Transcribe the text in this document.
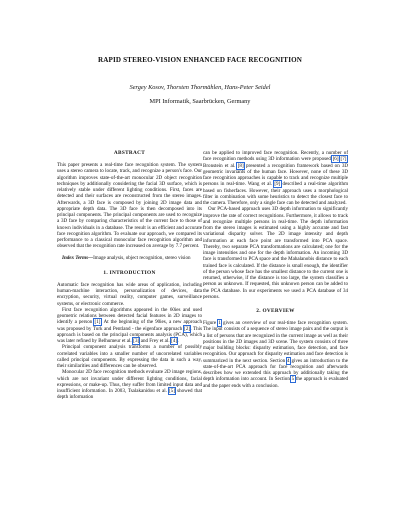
RAPID STEREO-VISION ENHANCED FACE RECOGNITION
Sergey Kosov, Thorsten Thormählen, Hans-Peter Seidel
MPI Informatik, Saarbrücken, Germany
ABSTRACT

This paper presents a real-time face recognition system. The system uses a stereo camera to locate, track, and recognize a person's face. Our algorithm improves state-of-the-art monocular 2D object recognition techniques by additionally considering the facial 3D surface, which is relatively stable under different lighting conditions. First, faces are detected and their surfaces are reconstructed from the stereo images. Afterwards, a 3D face is composed by joining 2D image data and appropriate depth data. The 3D face is then decomposed into its principal components. The principal components are used to recognize a 3D face by comparing characteristics of the current face to those of known individuals in a database. The result is an efficient and accurate face recognition algorithm. To evaluate our approach, we compared its performance to a classical monocular face recognition algorithm and observed that the recognition rate increased on average by 7.7 percent.

Index Terms—Image analysis, object recognition, stereo vision

1. INTRODUCTION

Automatic face recognition has wide areas of application, including human-machine interaction, personalization of devices, data encryption, security, virtual reality, computer games, surveillance systems, or electronic commerce.

First face recognition algorithms appeared in the 60ies and used geometric relations between detected facial features in 2D images to identify a person [1]. At the beginning of the 90ies, a new approach was proposed by Turk and Pentland - the eigenface approach [2]. This approach is based on the principal components analysis (PCA), which was later refined by Belhumeur et al. [3] and Frey et al. [4].

Principal component analysis transforms a number of possibly correlated variables into a smaller number of uncorrelated variables called principal components. By expressing the data in such a way, their similarities and differences can be observed.

Monocular 2D face recognition methods evaluate 2D image regions, which are not invariant under different lighting conditions, facial expressions, or make-up. Thus, they suffer from limited input data and insufficient information. In 2003, Tsalakanidou et al. [5] showed that depth information

can be applied to improved face recognition. Recently, a number of face recognition methods using 3D information were proposed [6] [7]. Bronstein et al. [8] presented a recognition framework based on 3D geometric invariants of the human face. However, none of these 3D face recognition approaches is capable to track and recognize multiple persons in real-time. Wang et al. [9] described a real-time algorithm based on fisherfaces. However, their approach uses a morphological filter in combination with some heuristics to detect the closest face to the camera. Therefore, only a single face can be detected and analyzed.

Our PCA-based approach uses 3D depth information to significantly improve the rate of correct recognitions. Furthermore, it allows to track and recognize multiple persons in real-time. The depth information from the stereo images is estimated using a highly accurate and fast variational disparity solver. The 2D image intensity and depth information at each face point are transformed into PCA space. Thereby, two separate PCA transformations are calculated; one for the image intensities and one for the depth information. An incoming 3D face is transformed to PCA space and the Mahalanobis distance to each trained face is calculated. If the distance is small enough, the identifier of the person whose face has the smallest distance to the current one is returned, otherwise, if the distance is too large, the system classifies a person as unknown. If requested, this unknown person can be added to the PCA database. In our experiments we used a PCA database of 34 persons.

2. OVERVIEW

Figure 1 gives an overview of our real-time face recognition system. The input consists of a sequence of stereo image pairs and the output is a list of persons that are recognized in the current image as well as their positions in the 2D images and 3D scene. The system consists of three major building blocks: disparity estimation, face detection, and face recognition. Our approach for disparity estimation and face detection is summarized in the next section. Section 4 gives an introduction to the state-of-the-art PCA approach for face recognition and afterwards describes how we extended this approach by additionally taking the depth information into account. In Section 5 the approach is evaluated and the paper ends with a conclusion.
